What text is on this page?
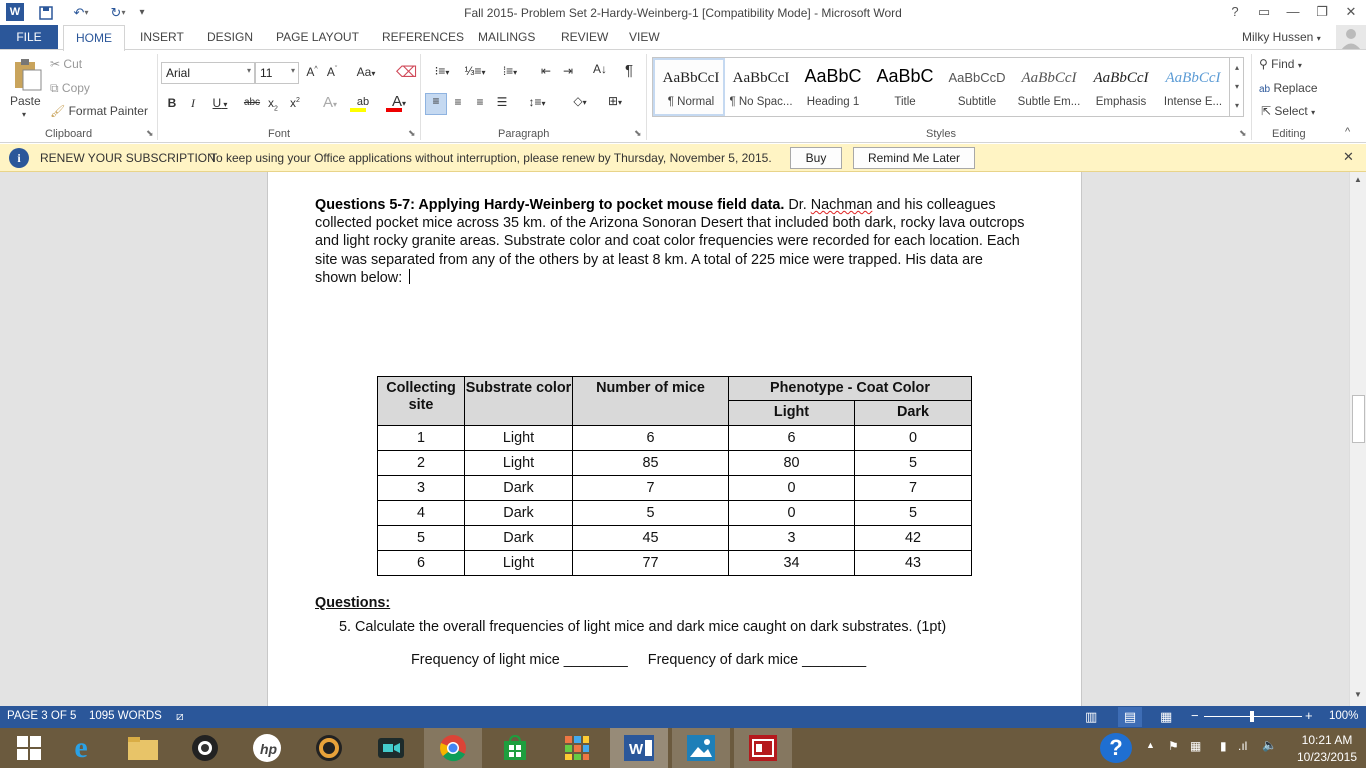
W	↶ ▾	↻ ▾	▾	Fall 2015- Problem Set 2-Hardy-Weinberg-1 [Compatibility Mode] - Microsoft Word	?	▭	—	❐	✕
FILE	HOME	INSERT DESIGN PAGE LAYOUT REFERENCES MAILINGS REVIEW VIEW	Milky Hussen ▾
Paste
▾
✂ Cut
⧉ Copy
🖌 Format Painter
Clipboard	⬊
Arial	▾ 11 ▾ A^ $A^ˇ$ Aa▾ ⌫
B	I	U ▾	abc $x_2$ $x^2$	A▾	ab	A▾
Font	⬊
⁝≡▾	⅓≡▾	⁞≡▾	⇤ ⇥	A↓ ¶
≡	≡	≡	☰	↕≡▾	◇▾	⊞▾
Paragraph	⬊
AaBbCcI
¶ Normal
AaBbCcI
¶ No Spac...
AaBbC
Heading 1
AaBbC
Title
AaBbCcD
Subtitle
AaBbCcI
Subtle Em...
AaBbCcI
Emphasis
AaBbCcI
Intense E...
▴
▾
▾
Styles	⬊
⚲ Find ▾
ab Replace
⇱ Select ▾
Editing	^
i	RENEW YOUR SUBSCRIPTION
To keep using your Office applications without interruption, please renew by Thursday, November 5, 2015.	Buy	Remind Me Later	✕
Questions 5-7: Applying Hardy-Weinberg to pocket mouse field data. Dr. Nachman and his colleagues collected pocket mice across 35 km. of the Arizona Sonoran Desert that included both dark, rocky lava outcrops and light rocky granite areas. Substrate color and coat color frequencies were recorded for each location. Each site was separated from any of the others by at least 8 km. A total of 225 mice were trapped. His data are shown below:
Collecting site	Substrate color	Number of mice	Phenotype - Coat Color	
			Light	Dark
1	Light	6	6	0
2	Light	85	80	5
3	Dark	7	0	7
4	Dark	5	0	5
5	Dark	45	3	42
6	Light	77	34	43
Questions:
5. Calculate the overall frequencies of light mice and dark mice caught on dark substrates. (1pt)
Frequency of light mice ________     Frequency of dark mice ________
▲
▼
PAGE 3 OF 5 1095 WORDS ⧄	▥	▤	▦ −	+ 100%
e	hp	W	?	▲ ⚑ ▦ ▮ .ıl 🔈	10:21 AM
10/23/2015
